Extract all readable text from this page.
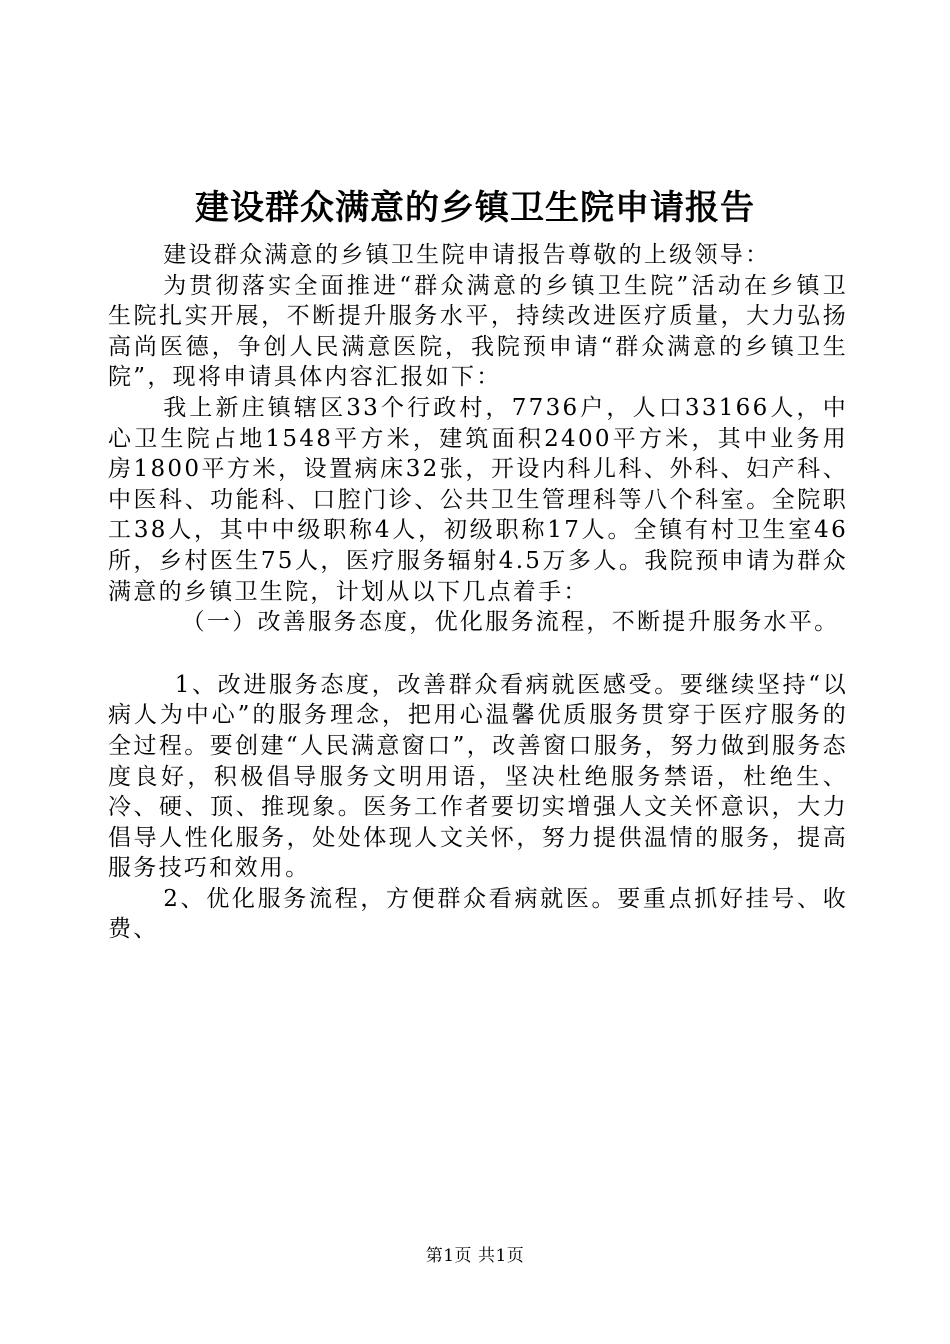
建设群众满意的乡镇卫生院申请报告

建设群众满意的乡镇卫生院申请报告尊敬的上级领导：

为贯彻落实全面推进“群众满意的乡镇卫生院”活动在乡镇卫生院扎实开展，不断提升服务水平，持续改进医疗质量，大力弘扬高尚医德，争创人民满意医院，我院预申请“群众满意的乡镇卫生院”，现将申请具体内容汇报如下：

我上新庄镇辖区33个行政村，7736户，人口33166人，中心卫生院占地1548平方米，建筑面积2400平方米，其中业务用房1800平方米，设置病床32张，开设内科儿科、外科、妇产科、中医科、功能科、口腔门诊、公共卫生管理科等八个科室。全院职工38人，其中中级职称4人，初级职称17人。全镇有村卫生室46所，乡村医生75人，医疗服务辐射4.5万多人。我院预申请为群众满意的乡镇卫生院，计划从以下几点着手：

（一）改善服务态度，优化服务流程，不断提升服务水平。

1、改进服务态度，改善群众看病就医感受。要继续坚持“以病人为中心”的服务理念，把用心温馨优质服务贯穿于医疗服务的全过程。要创建“人民满意窗口”，改善窗口服务，努力做到服务态度良好，积极倡导服务文明用语，坚决杜绝服务禁语，杜绝生、冷、硬、顶、推现象。医务工作者要切实增强人文关怀意识，大力倡导人性化服务，处处体现人文关怀，努力提供温情的服务，提高服务技巧和效用。

2、优化服务流程，方便群众看病就医。要重点抓好挂号、收费、

第1页 共1页
